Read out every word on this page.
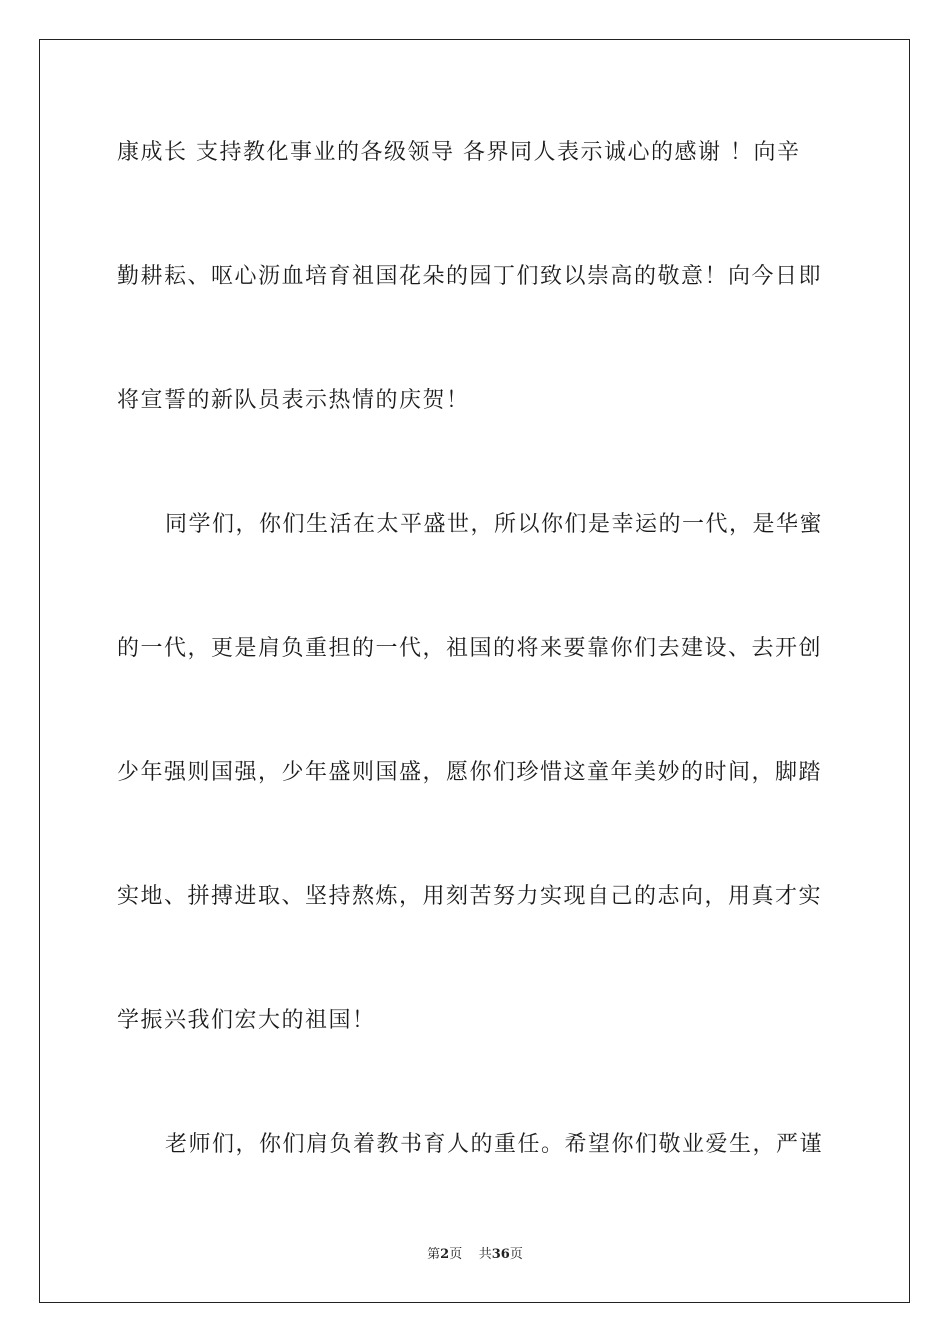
康成长 支持教化事业的各级领导 各界同人表示诚心的感谢 ！向辛
勤耕耘、呕心沥血培育祖国花朵的园丁们致以崇高的敬意！向今日即
将宣誓的新队员表示热情的庆贺！
同学们，你们生活在太平盛世，所以你们是幸运的一代，是华蜜
的一代，更是肩负重担的一代，祖国的将来要靠你们去建设、去开创
少年强则国强，少年盛则国盛，愿你们珍惜这童年美妙的时间，脚踏
实地、拼搏进取、坚持熬炼，用刻苦努力实现自己的志向，用真才实
学振兴我们宏大的祖国！
老师们，你们肩负着教书育人的重任。希望你们敬业爱生，严谨
第2页 共36页
